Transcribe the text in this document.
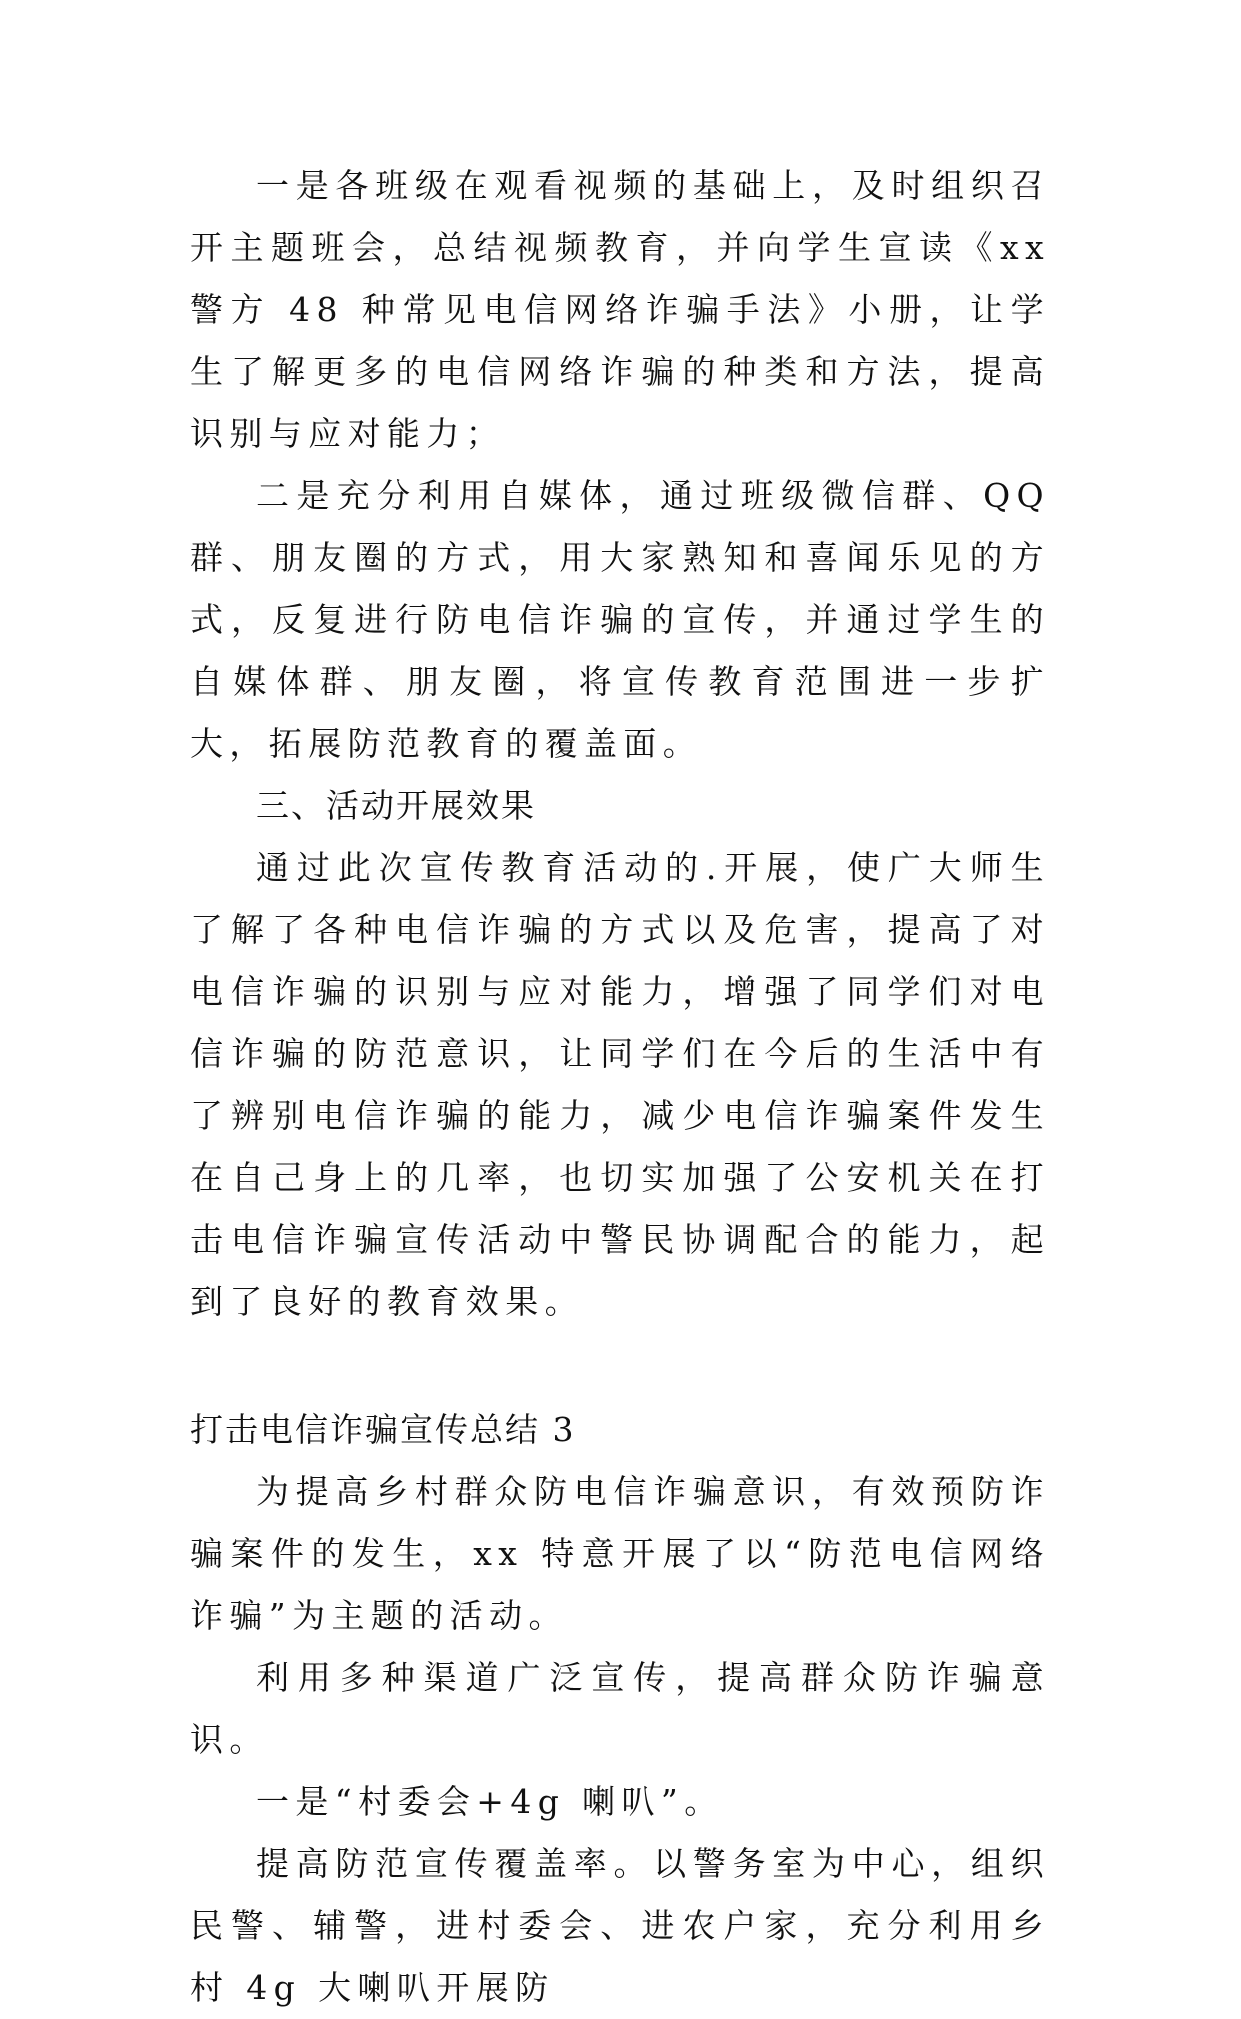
一是各班级在观看视频的基础上，及时组织召开主题班会，总结视频教育，并向学生宣读《xx 警方 48 种常见电信网络诈骗手法》小册，让学生了解更多的电信网络诈骗的种类和方法，提高识别与应对能力；

二是充分利用自媒体，通过班级微信群、QQ 群、朋友圈的方式，用大家熟知和喜闻乐见的方式，反复进行防电信诈骗的宣传，并通过学生的自媒体群、朋友圈，将宣传教育范围进一步扩大，拓展防范教育的覆盖面。

三、活动开展效果

通过此次宣传教育活动的.开展，使广大师生了解了各种电信诈骗的方式以及危害，提高了对电信诈骗的识别与应对能力，增强了同学们对电信诈骗的防范意识，让同学们在今后的生活中有了辨别电信诈骗的能力，减少电信诈骗案件发生在自己身上的几率，也切实加强了公安机关在打击电信诈骗宣传活动中警民协调配合的能力，起到了良好的教育效果。

打击电信诈骗宣传总结 3

为提高乡村群众防电信诈骗意识，有效预防诈骗案件的发生，xx 特意开展了以“防范电信网络诈骗”为主题的活动。

利用多种渠道广泛宣传，提高群众防诈骗意识。

一是“村委会+4g 喇叭”。

提高防范宣传覆盖率。以警务室为中心，组织民警、辅警，进村委会、进农户家，充分利用乡村 4g 大喇叭开展防
